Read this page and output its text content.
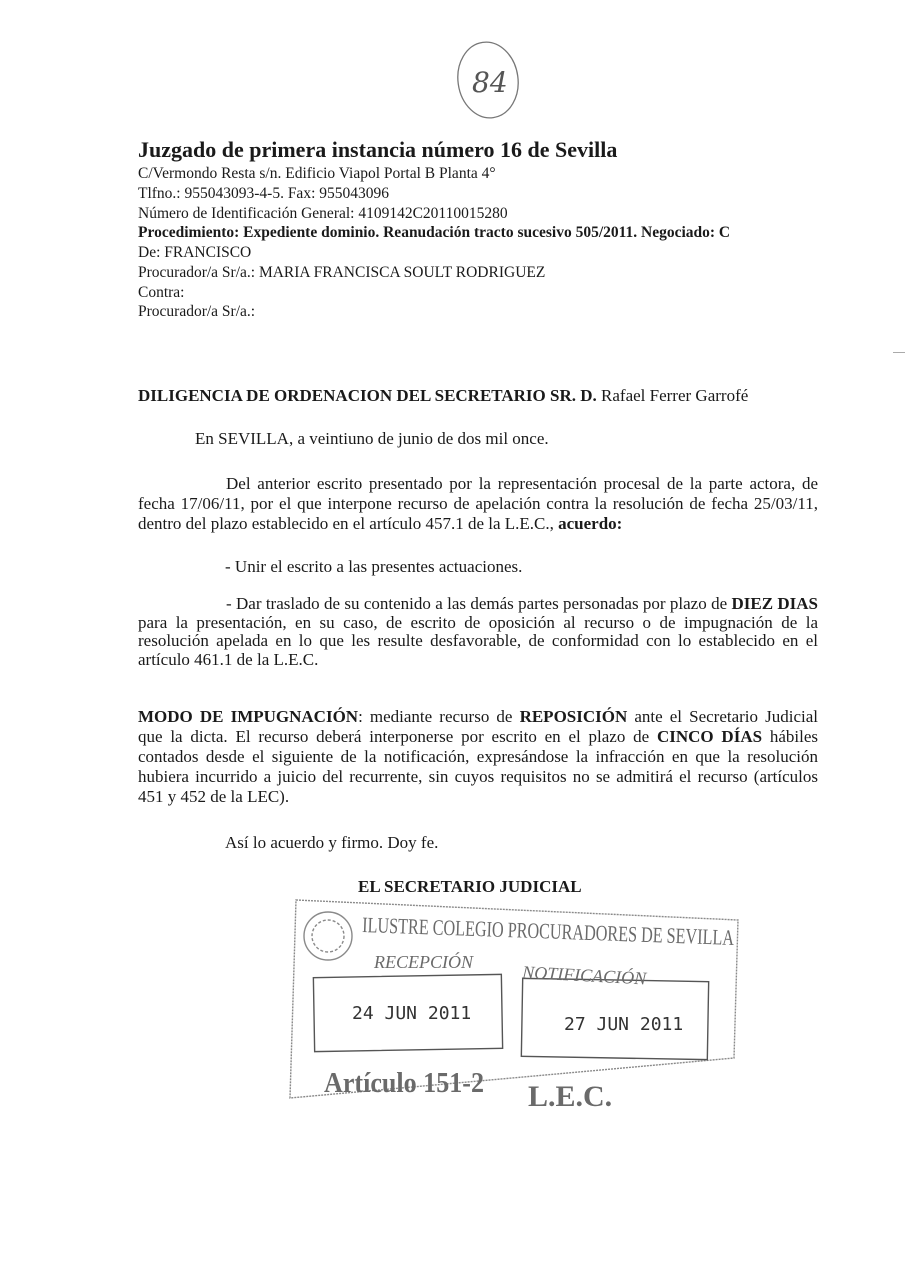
84
Juzgado de primera instancia número 16 de Sevilla
C/Vermondo Resta s/n. Edificio Viapol Portal B Planta 4°
Tlfno.: 955043093-4-5. Fax: 955043096
Número de Identificación General: 4109142C20110015280
Procedimiento: Expediente dominio. Reanudación tracto sucesivo 505/2011. Negociado: C
De: FRANCISCO
Procurador/a Sr/a.: MARIA FRANCISCA SOULT RODRIGUEZ
Contra:
Procurador/a Sr/a.:
DILIGENCIA DE ORDENACION DEL SECRETARIO SR. D. Rafael Ferrer Garrofé
En SEVILLA, a veintiuno de junio de dos mil once.
Del anterior escrito presentado por la representación procesal de la parte actora, de fecha 17/06/11, por el que interpone recurso de apelación contra la resolución de fecha 25/03/11, dentro del plazo establecido en el artículo 457.1 de la L.E.C., acuerdo:
- Unir el escrito a las presentes actuaciones.
- Dar traslado de su contenido a las demás partes personadas por plazo de DIEZ DIAS para la presentación, en su caso, de escrito de oposición al recurso o de impugnación de la resolución apelada en lo que les resulte desfavorable, de conformidad con lo establecido en el artículo 461.1 de la L.E.C.
MODO DE IMPUGNACIÓN: mediante recurso de REPOSICIÓN ante el Secretario Judicial que la dicta. El recurso deberá interponerse por escrito en el plazo de CINCO DÍAS hábiles contados desde el siguiente de la notificación, expresándose la infracción en que la resolución hubiera incurrido a juicio del recurrente, sin cuyos requisitos no se admitirá el recurso (artículos 451 y 452 de la LEC).
Así lo acuerdo y firmo. Doy fe.
ILUSTRE COLEGIO PROCURADORES DE SEVILLA
RECEPCIÓN
NOTIFICACIÓN
24 JUN 2011
27 JUN 2011
Artículo 151-2 L.E.C.
EL SECRETARIO JUDICIAL
